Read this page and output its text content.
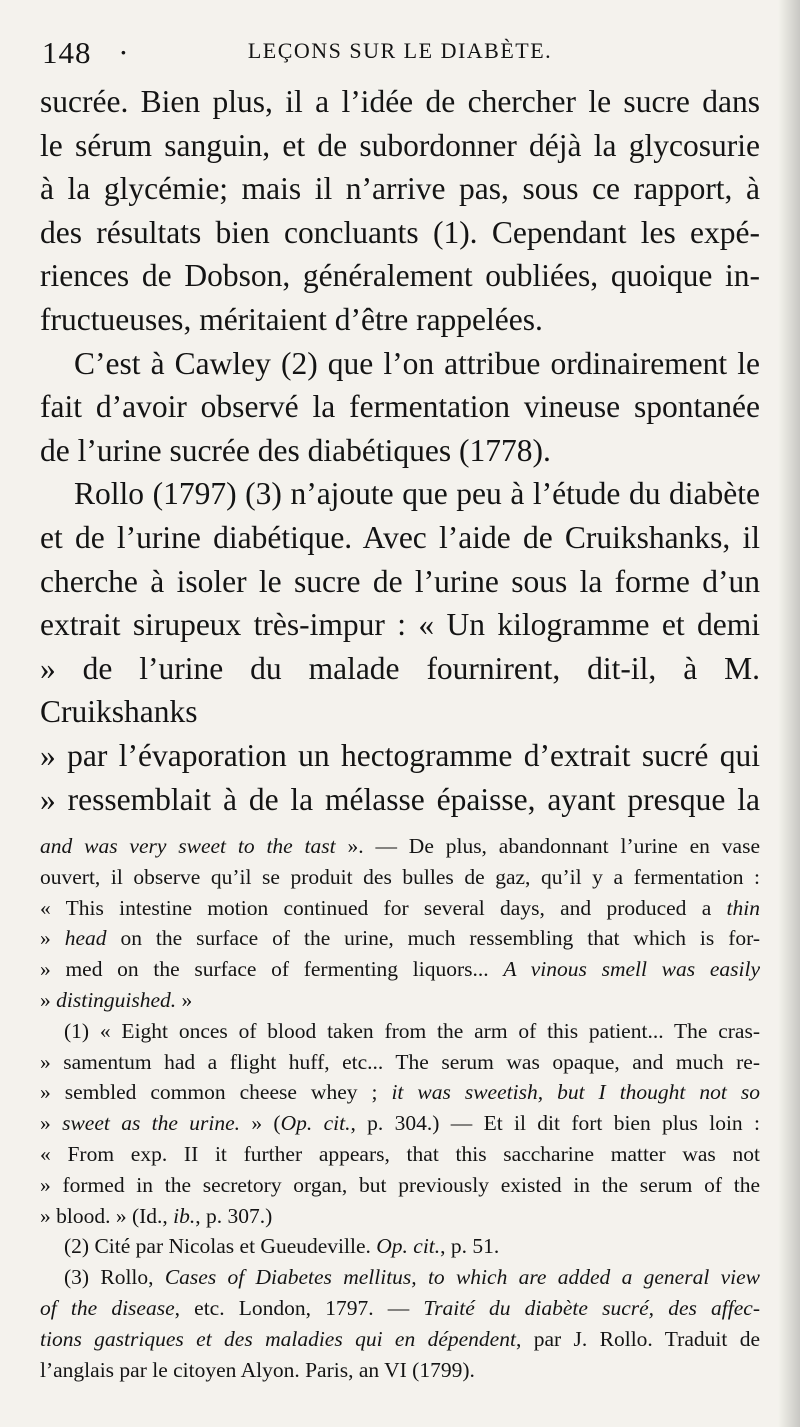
148 ·	LEÇONS SUR LE DIABÈTE.

sucrée. Bien plus, il a l’idée de chercher le sucre dans
le sérum sanguin, et de subordonner déjà la glycosurie
à la glycémie; mais il n’arrive pas, sous ce rapport, à
des résultats bien concluants (1). Cependant les expé-
riences de Dobson, généralement oubliées, quoique in-
fructueuses, méritaient d’être rappelées.

C’est à Cawley (2) que l’on attribue ordinairement le
fait d’avoir observé la fermentation vineuse spontanée
de l’urine sucrée des diabétiques (1778).

Rollo (1797) (3) n’ajoute que peu à l’étude du diabète
et de l’urine diabétique. Avec l’aide de Cruikshanks, il
cherche à isoler le sucre de l’urine sous la forme d’un
extrait sirupeux très-impur : « Un kilogramme et demi
» de l’urine du malade fournirent, dit-il, à M. Cruikshanks
» par l’évaporation un hectogramme d’extrait sucré qui
» ressemblait à de la mélasse épaisse, ayant presque la

and was very sweet to the tast ». — De plus, abandonnant l’urine en vase
ouvert, il observe qu’il se produit des bulles de gaz, qu’il y a fermentation :
« This intestine motion continued for several days, and produced a thin
» head on the surface of the urine, much ressembling that which is for-
» med on the surface of fermenting liquors... A vinous smell was easily
» distinguished. »

(1) « Eight onces of blood taken from the arm of this patient... The cras-
» samentum had a flight huff, etc... The serum was opaque, and much re-
» sembled common cheese whey ; it was sweetish, but I thought not so
» sweet as the urine. » (Op. cit., p. 304.) — Et il dit fort bien plus loin :
« From exp. II it further appears, that this saccharine matter was not
» formed in the secretory organ, but previously existed in the serum of the
» blood. » (Id., ib., p. 307.)

(2) Cité par Nicolas et Gueudeville. Op. cit., p. 51.

(3) Rollo, Cases of Diabetes mellitus, to which are added a general view
of the disease, etc. London, 1797. — Traité du diabète sucré, des affec-
tions gastriques et des maladies qui en dépendent, par J. Rollo. Traduit de
l’anglais par le citoyen Alyon. Paris, an VI (1799).
